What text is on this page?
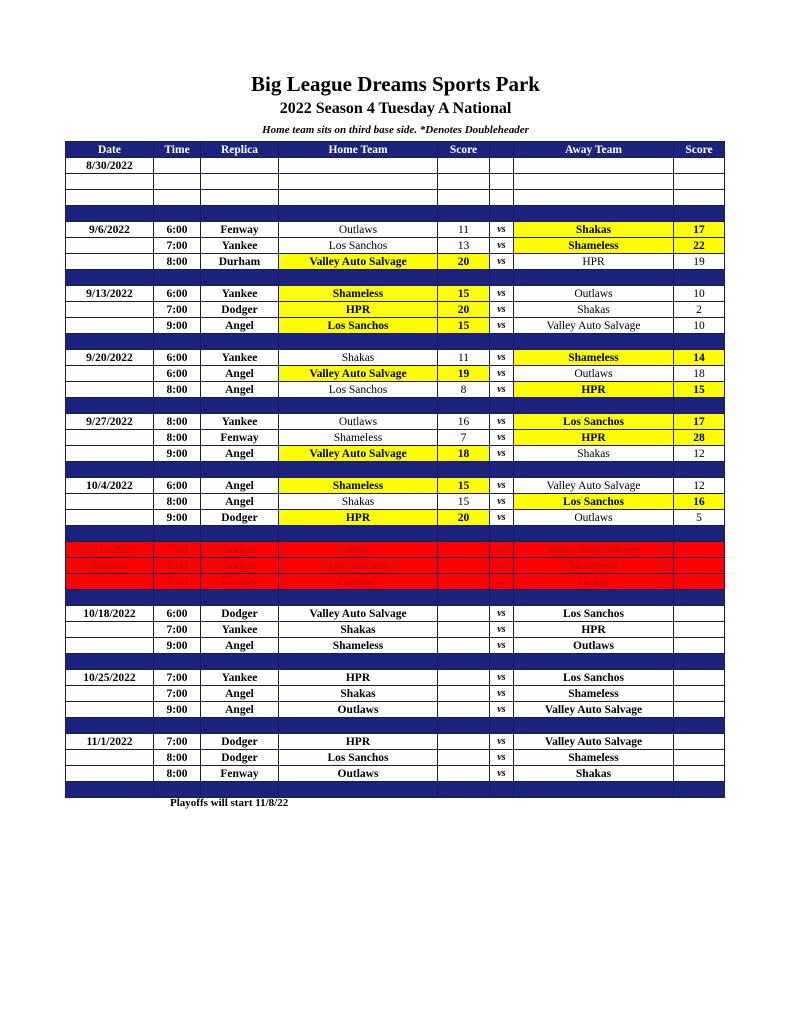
Big League Dreams Sports Park
2022 Season 4 Tuesday A National
Home team sits on third base side. *Denotes Doubleheader
Date	Time	Replica	Home Team	Score		Away Team	Score
8/30/2022							

9/6/2022	6:00	Fenway	Outlaws	11	vs	Shakas	17
	7:00	Yankee	Los Sanchos	13	vs	Shameless	22
	8:00	Durham	Valley Auto Salvage	20	vs	HPR	19

9/13/2022	6:00	Yankee	Shameless	15	vs	Outlaws	10
	7:00	Dodger	HPR	20	vs	Shakas	2
	9:00	Angel	Los Sanchos	15	vs	Valley Auto Salvage	10

9/20/2022	6:00	Yankee	Shakas	11	vs	Shameless	14
	6:00	Angel	Valley Auto Salvage	19	vs	Outlaws	18
	8:00	Angel	Los Sanchos	8	vs	HPR	15

9/27/2022	8:00	Yankee	Outlaws	16	vs	Los Sanchos	17
	8:00	Fenway	Shameless	7	vs	HPR	28
	9:00	Angel	Valley Auto Salvage	18	vs	Shakas	12

10/4/2022	6:00	Angel	Shameless	15	vs	Valley Auto Salvage	12
	8:00	Angel	Shakas	15	vs	Los Sanchos	16
	9:00	Dodger	HPR	20	vs	Outlaws	5

10/11/2022	7:00	Dodger	HPR		vs	Valley Auto Salvage	
Rainout	8:00	Dodger	Los Sanchos		vs	Shameless	
	8:00	Fenway	Outlaws		vs	Shakas	

10/18/2022	6:00	Dodger	Valley Auto Salvage		vs	Los Sanchos	
	7:00	Yankee	Shakas		vs	HPR	
	9:00	Angel	Shameless		vs	Outlaws	

10/25/2022	7:00	Yankee	HPR		vs	Los Sanchos	
	7:00	Angel	Shakas		vs	Shameless	
	9:00	Angel	Outlaws		vs	Valley Auto Salvage	

11/1/2022	7:00	Dodger	HPR		vs	Valley Auto Salvage	
	8:00	Dodger	Los Sanchos		vs	Shameless	
	8:00	Fenway	Outlaws		vs	Shakas	

Playoffs will start 11/8/22
